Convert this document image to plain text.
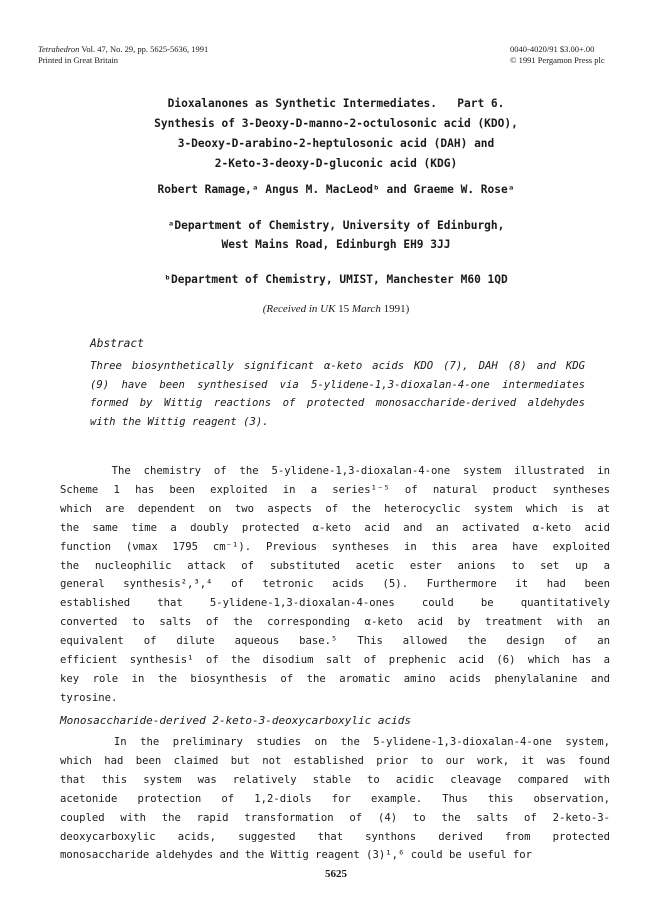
Tetrahedron Vol. 47, No. 29, pp. 5625-5636, 1991
Printed in Great Britain
0040-4020/91 $3.00+.00
© 1991 Pergamon Press plc
Dioxalanones as Synthetic Intermediates.   Part 6.
Synthesis of 3-Deoxy-D-manno-2-octulosonic acid (KDO),
3-Deoxy-D-arabino-2-heptulosonic acid (DAH) and
2-Keto-3-deoxy-D-gluconic acid (KDG)
Robert Ramage,ᵃ Angus M. MacLeodᵇ and Graeme W. Roseᵃ
ᵃDepartment of Chemistry, University of Edinburgh,
West Mains Road, Edinburgh EH9 3JJ
ᵇDepartment of Chemistry, UMIST, Manchester M60 1QD
(Received in UK 15 March 1991)
Abstract
Three biosynthetically significant α-keto acids KDO (7), DAH (8) and KDG
(9) have been synthesised via 5-ylidene-1,3-dioxalan-4-one intermediates
formed by Wittig reactions of protected monosaccharide-derived aldehydes
with the Wittig reagent (3).
The chemistry of the 5-ylidene-1,3-dioxalan-4-one system illustrated in
Scheme 1 has been exploited in a series¹⁻⁵ of natural product syntheses
which are dependent on two aspects of the heterocyclic system which is at
the same time a doubly protected α-keto acid and an activated α-keto acid
function (νmax 1795 cm⁻¹). Previous syntheses in this area have exploited
the nucleophilic attack of substituted acetic ester anions to set up a
general synthesis²,³,⁴ of tetronic acids (5). Furthermore it had been
established that 5-ylidene-1,3-dioxalan-4-ones could be quantitatively
converted to salts of the corresponding α-keto acid by treatment with an
equivalent of dilute aqueous base.⁵ This allowed the design of an
efficient synthesis¹ of the disodium salt of prephenic acid (6) which has a
key role in the biosynthesis of the aromatic amino acids phenylalanine and
tyrosine.
Monosaccharide-derived 2-keto-3-deoxycarboxylic acids
In the preliminary studies on the 5-ylidene-1,3-dioxalan-4-one system,
which had been claimed but not established prior to our work, it was found
that this system was relatively stable to acidic cleavage compared with
acetonide protection of 1,2-diols for example. Thus this observation,
coupled with the rapid transformation of (4) to the salts of 2-keto-3-
deoxycarboxylic acids, suggested that synthons derived from protected
monosaccharide aldehydes and the Wittig reagent (3)¹,⁶ could be useful for
5625
